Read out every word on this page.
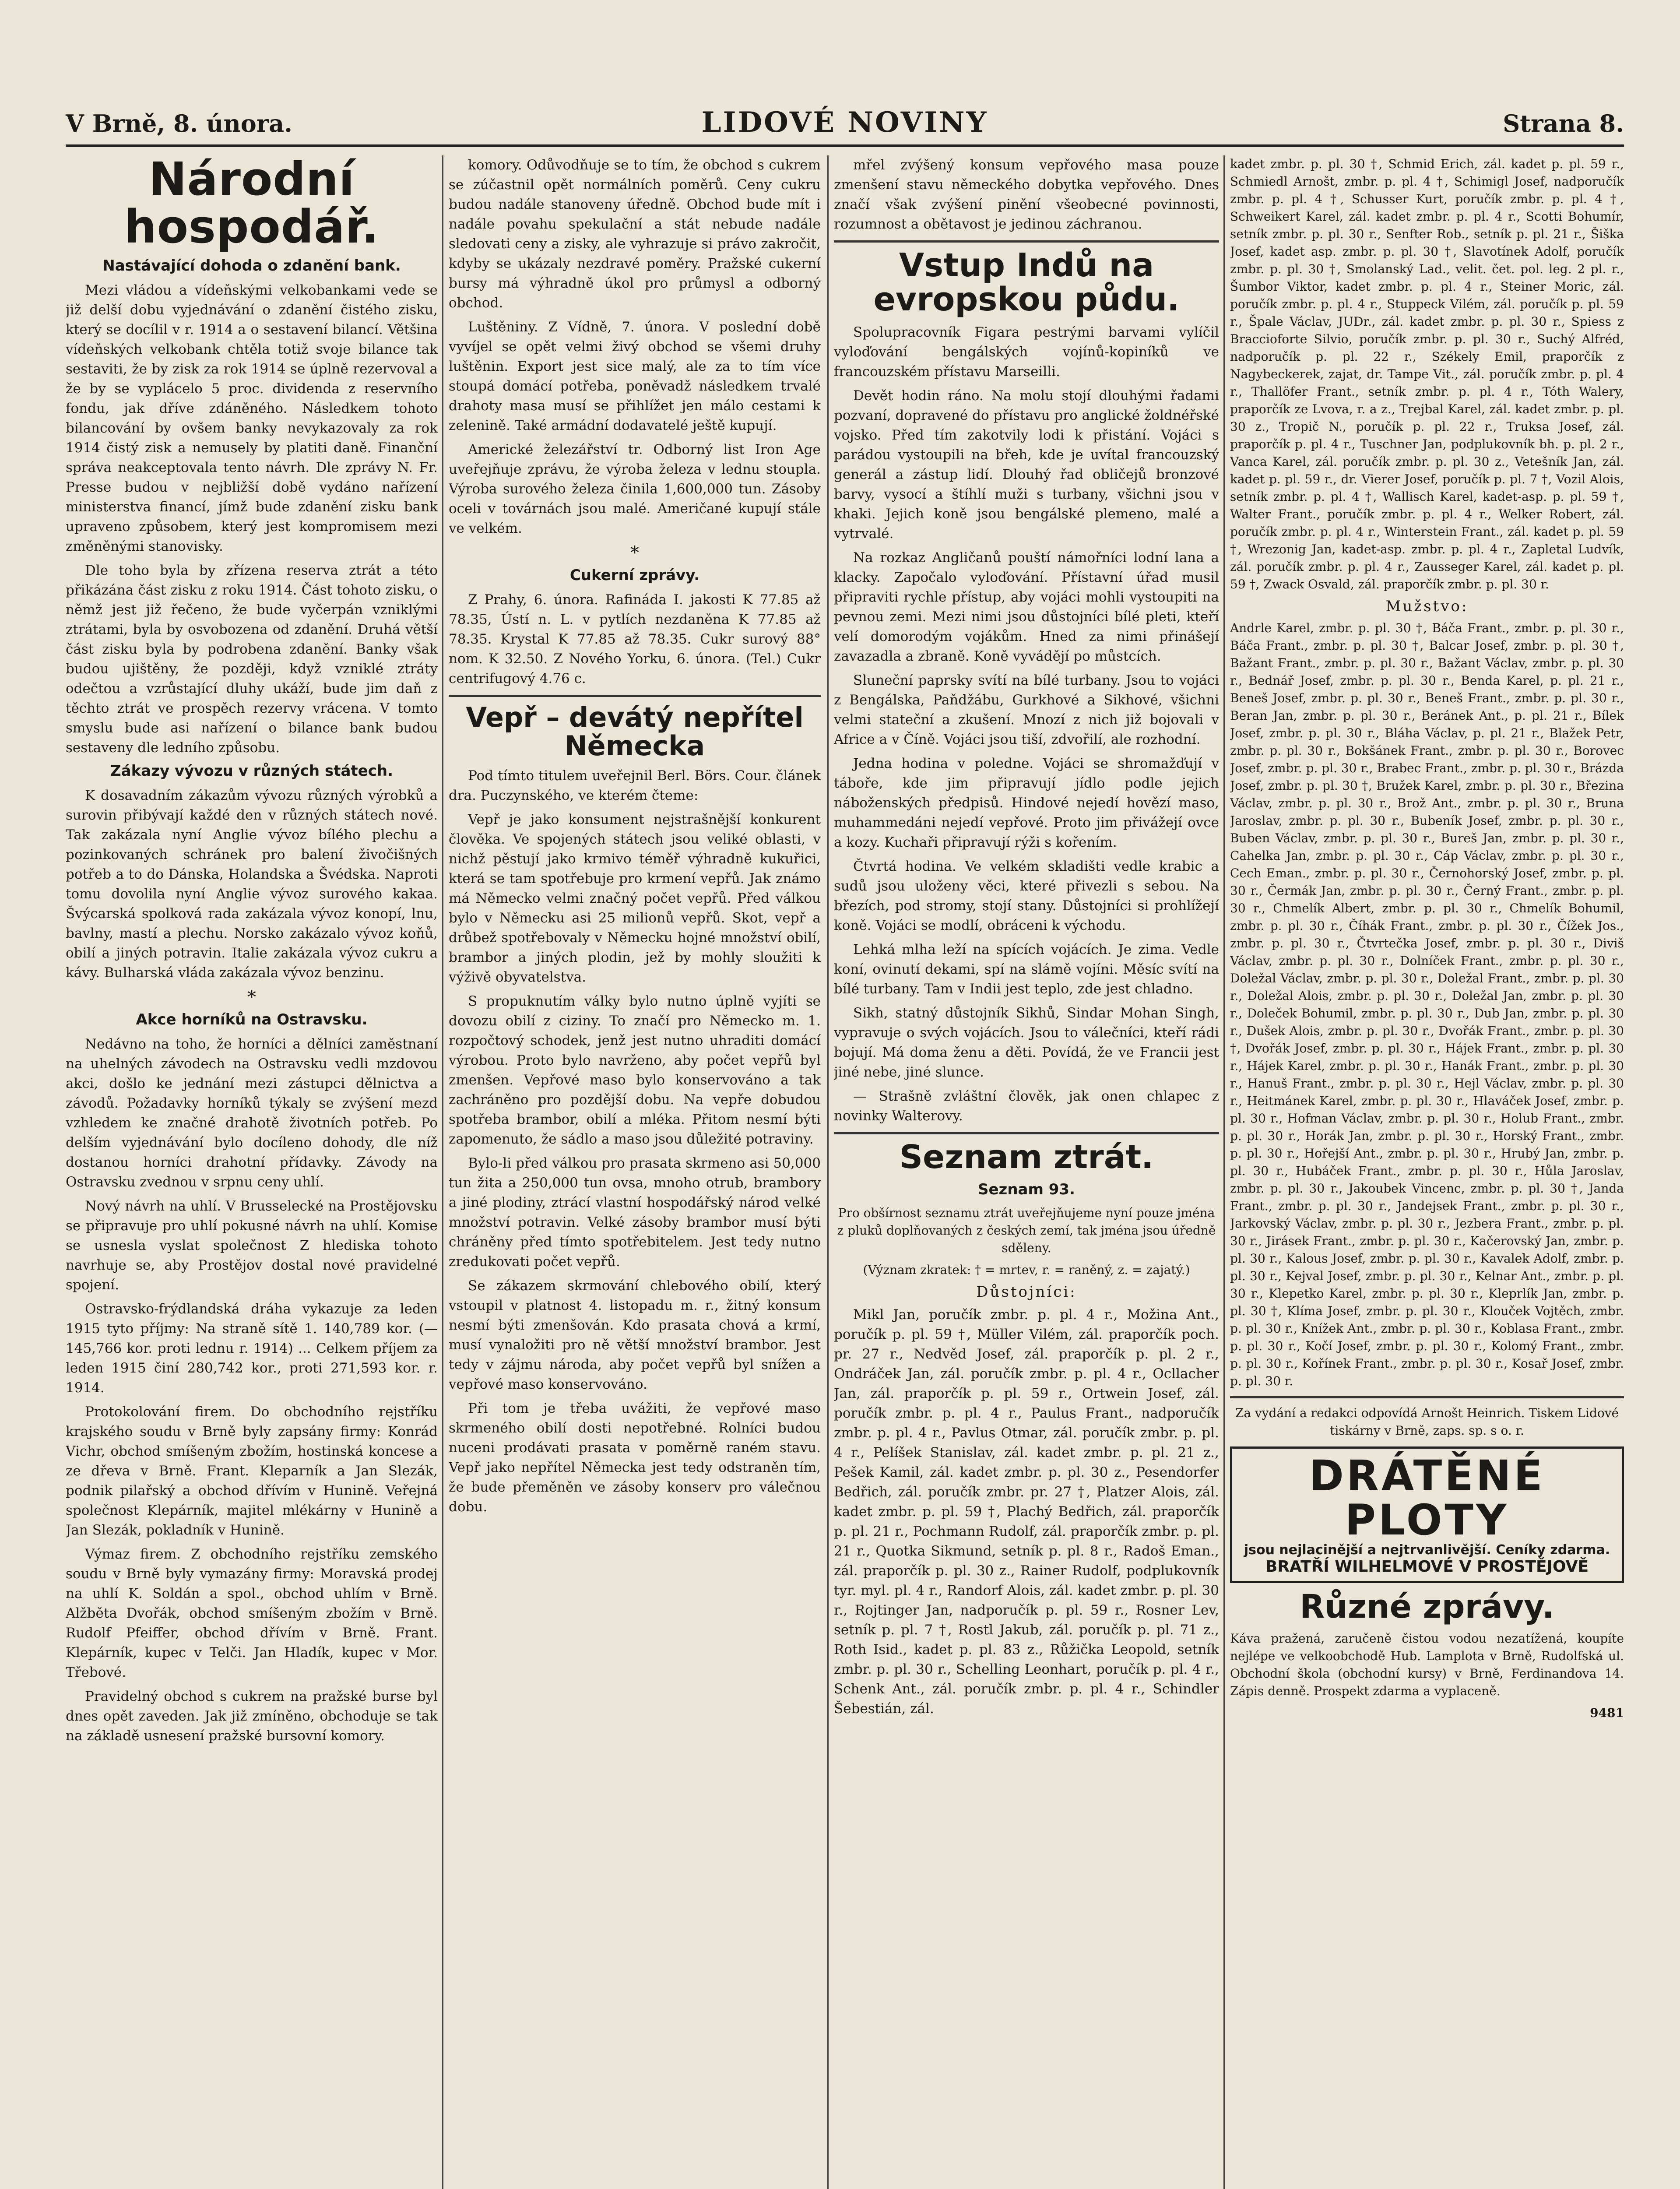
V Brně, 8. února.	LIDOVÉ NOVINY	Strana 8.
Národní hospodář.
Nastávající dohoda o zdanění bank.

Mezi vládou a vídeňskými velkobankami vede se již delší dobu vyjednávání o zdanění čistého zisku, který se docílil v r. 1914 a o sestavení bilancí. Většina vídeňských velkobank chtěla totiž svoje bilance tak sestaviti, že by zisk za rok 1914 se úplně rezervoval a že by se vyplácelo 5 proc. dividenda z reservního fondu, jak dříve zdáněného. Následkem tohoto bilancování by ovšem banky nevykazovaly za rok 1914 čistý zisk a nemusely by platiti daně. Finanční správa neakceptovala tento návrh. Dle zprávy N. Fr. Presse budou v nejbližší době vydáno nařízení ministerstva financí, jímž bude zdanění zisku bank upraveno způsobem, který jest kompromisem mezi změněnými stanovisky.

Dle toho byla by zřízena reserva ztrát a této přikázána část zisku z roku 1914. Část tohoto zisku, o němž jest již řečeno, že bude vyčerpán vzniklými ztrátami, byla by osvobozena od zdanění. Druhá větší část zisku byla by podrobena zdanění. Banky však budou ujištěny, že později, když vzniklé ztráty odečtou a vzrůstající dluhy ukáží, bude jim daň z těchto ztrát ve prospěch rezervy vrácena. V tomto smyslu bude asi nařízení o bilance bank budou sestaveny dle ledního způsobu.

Zákazy vývozu v různých státech.

K dosavadním zákazům vývozu různých výrobků a surovin přibývají každé den v různých státech nové. Tak zakázala nyní Anglie vývoz bílého plechu a pozinkovaných schránek pro balení živočišných potřeb a to do Dánska, Holandska a Švédska. Naproti tomu dovolila nyní Anglie vývoz surového kakaa. Švýcarská spolková rada zakázala vývoz konopí, lnu, bavlny, mastí a plechu. Norsko zakázalo vývoz koňů, obilí a jiných potravin. Italie zakázala vývoz cukru a kávy. Bulharská vláda zakázala vývoz benzinu.

*
Akce horníků na Ostravsku.

Nedávno na toho, že horníci a dělníci zaměstnaní na uhelných závodech na Ostravsku vedli mzdovou akci, došlo ke jednání mezi zástupci dělnictva a závodů. Požadavky horníků týkaly se zvýšení mezd vzhledem ke značné drahotě životních potřeb. Po delším vyjednávání bylo docíleno dohody, dle níž dostanou horníci drahotní přídavky. Závody na Ostravsku zvednou v srpnu ceny uhlí.

Nový návrh na uhlí. V Brusselecké na Prostějovsku se připravuje pro uhlí pokusné návrh na uhlí. Komise se usnesla vyslat společnost Z hlediska tohoto navrhuje se, aby Prostějov dostal nové pravidelné spojení.

Ostravsko-frýdlandská dráha vykazuje za leden 1915 tyto příjmy: Na straně sítě 1. 140,789 kor. (— 145,766 kor. proti lednu r. 1914) ... Celkem příjem za leden 1915 činí 280,742 kor., proti 271,593 kor. r. 1914.

Protokolování firem. Do obchodního rejstříku krajského soudu v Brně byly zapsány firmy: Konrád Vichr, obchod smíšeným zbožím, hostinská koncese a ze dřeva v Brně. Frant. Kleparník a Jan Slezák, podnik pilařský a obchod dřívím v Hunině. Veřejná společnost Klepárník, majitel mlékárny v Hunině a Jan Slezák, pokladník v Hunině.

Výmaz firem. Z obchodního rejstříku zemského soudu v Brně byly vymazány firmy: Moravská prodej na uhlí K. Soldán a spol., obchod uhlím v Brně. Alžběta Dvořák, obchod smíšeným zbožím v Brně. Rudolf Pfeiffer, obchod dřívím v Brně. Frant. Klepárník, kupec v Telči. Jan Hladík, kupec v Mor. Třebové.

Pravidelný obchod s cukrem na pražské burse byl dnes opět zaveden. Jak již zmíněno, obchoduje se tak na základě usnesení pražské bursovní komory.

komory. Odůvodňuje se to tím, že obchod s cukrem se zúčastnil opět normálních poměrů. Ceny cukru budou nadále stanoveny úředně. Obchod bude mít i nadále povahu spekulační a stát nebude nadále sledovati ceny a zisky, ale vyhrazuje si právo zakročit, kdyby se ukázaly nezdravé poměry. Pražské cukerní bursy má výhradně úkol pro průmysl a odborný obchod.

Luštěniny. Z Vídně, 7. února. V poslední době vyvíjel se opět velmi živý obchod se všemi druhy luštěnin. Export jest sice malý, ale za to tím více stoupá domácí potřeba, poněvadž následkem trvalé drahoty masa musí se přihlížet jen málo cestami k zelenině. Také armádní dodavatelé ještě kupují.

Americké železářství tr. Odborný list Iron Age uveřejňuje zprávu, že výroba železa v lednu stoupla. Výroba surového železa činila 1,600,000 tun. Zásoby oceli v továrnách jsou malé. Američané kupují stále ve velkém.

*
Cukerní zprávy.

Z Prahy, 6. února. Rafináda I. jakosti K 77.85 až 78.35, Ústí n. L. v pytlích nezdaněna K 77.85 až 78.35. Krystal K 77.85 až 78.35. Cukr surový 88° nom. K 32.50. Z Nového Yorku, 6. února. (Tel.) Cukr centrifugový 4.76 c.

Vepř – devátý nepřítel Německa

Pod tímto titulem uveřejnil Berl. Börs. Cour. článek dra. Puczynského, ve kterém čteme:

Vepř je jako konsument nejstrašnější konkurent člověka. Ve spojených státech jsou veliké oblasti, v nichž pěstují jako krmivo téměř výhradně kukuřici, která se tam spotřebuje pro krmení vepřů. Jak známo má Německo velmi značný počet vepřů. Před válkou bylo v Německu asi 25 milionů vepřů. Skot, vepř a drůbež spotřebovaly v Německu hojné množství obilí, brambor a jiných plodin, jež by mohly sloužiti k výživě obyvatelstva.

S propuknutím války bylo nutno úplně vyjíti se dovozu obilí z ciziny. To značí pro Německo m. 1. rozpočtový schodek, jenž jest nutno uhraditi domácí výrobou. Proto bylo navrženo, aby počet vepřů byl zmenšen. Vepřové maso bylo konservováno a tak zachráněno pro pozdější dobu. Na vepře dobudou spotřeba brambor, obilí a mléka. Přitom nesmí býti zapomenuto, že sádlo a maso jsou důležité potraviny.

Bylo-li před válkou pro prasata skrmeno asi 50,000 tun žita a 250,000 tun ovsa, mnoho otrub, brambory a jiné plodiny, ztrácí vlastní hospodářský národ velké množství potravin. Velké zásoby brambor musí býti chráněny před tímto spotřebitelem. Jest tedy nutno zredukovati počet vepřů.

Se zákazem skrmování chlebového obilí, který vstoupil v platnost 4. listopadu m. r., žitný konsum nesmí býti zmenšován. Kdo prasata chová a krmí, musí vynaložiti pro ně větší množství brambor. Jest tedy v zájmu národa, aby počet vepřů byl snížen a vepřové maso konservováno.

Při tom je třeba uvážiti, že vepřové maso skrmeného obilí dosti nepotřebné. Rolníci budou nuceni prodávati prasata v poměrně raném stavu. Vepř jako nepřítel Německa jest tedy odstraněn tím, že bude přeměněn ve zásoby konserv pro válečnou dobu.

mřel zvýšený konsum vepřového masa pouze zmenšení stavu německého dobytka vepřového. Dnes značí však zvýšení pinění všeobecné povinnosti, rozumnost a obětavost je jedinou záchranou.

Vstup Indů na evropskou půdu.

Spolupracovník Figara pestrými barvami vylíčil vyloďování bengálských vojínů-kopiníků ve francouzském přístavu Marseilli.

Devět hodin ráno. Na molu stojí dlouhými řadami pozvaní, dopravené do přístavu pro anglické žoldnéřské vojsko. Před tím zakotvily lodi k přistání. Vojáci s parádou vystoupili na břeh, kde je uvítal francouzský generál a zástup lidí. Dlouhý řad obličejů bronzové barvy, vysocí a štíhlí muži s turbany, všichni jsou v khaki. Jejich koně jsou bengálské plemeno, malé a vytrvalé.

Na rozkaz Angličanů pouští námořníci lodní lana a klacky. Započalo vyloďování. Přístavní úřad musil připraviti rychle přístup, aby vojáci mohli vystoupiti na pevnou zemi. Mezi nimi jsou důstojníci bílé pleti, kteří velí domorodým vojákům. Hned za nimi přinášejí zavazadla a zbraně. Koně vyvádějí po můstcích.

Sluneční paprsky svítí na bílé turbany. Jsou to vojáci z Bengálska, Paňdžábu, Gurkhové a Sikhové, všichni velmi stateční a zkušení. Mnozí z nich již bojovali v Africe a v Číně. Vojáci jsou tiší, zdvořilí, ale rozhodní.

Jedna hodina v poledne. Vojáci se shromažďují v táboře, kde jim připravují jídlo podle jejich náboženských předpisů. Hindové nejedí hovězí maso, muhammedáni nejedí vepřové. Proto jim přivážejí ovce a kozy. Kuchaři připravují rýži s kořením.

Čtvrtá hodina. Ve velkém skladišti vedle krabic a sudů jsou uloženy věci, které přivezli s sebou. Na březích, pod stromy, stojí stany. Důstojníci si prohlížejí koně. Vojáci se modlí, obráceni k východu.

Lehká mlha leží na spících vojácích. Je zima. Vedle koní, ovinutí dekami, spí na slámě vojíni. Měsíc svítí na bílé turbany. Tam v Indii jest teplo, zde jest chladno.

Sikh, statný důstojník Sikhů, Sindar Mohan Singh, vypravuje o svých vojácích. Jsou to válečníci, kteří rádi bojují. Má doma ženu a děti. Povídá, že ve Francii jest jiné nebe, jiné slunce.

— Strašně zvláštní člověk, jak onen chlapec z novinky Walterovy.

Seznam ztrát.
Seznam 93.

Pro obšírnost seznamu ztrát uveřejňujeme nyní pouze jména z pluků doplňovaných z českých zemí, tak jména jsou úředně sděleny.

(Význam zkratek: † = mrtev, r. = raněný, z. = zajatý.)

Důstojníci:

Mikl Jan, poručík zmbr. p. pl. 4 r., Možina Ant., poručík p. pl. 59 †, Müller Vilém, zál. praporčík poch. pr. 27 r., Nedvěd Josef, zál. praporčík p. pl. 2 r., Ondráček Jan, zál. poručík zmbr. p. pl. 4 r., Ocllacher Jan, zál. praporčík p. pl. 59 r., Ortwein Josef, zál. poručík zmbr. p. pl. 4 r., Paulus Frant., nadporučík zmbr. p. pl. 4 r., Pavlus Otmar, zál. poručík zmbr. p. pl. 4 r., Pelíšek Stanislav, zál. kadet zmbr. p. pl. 21 z., Pešek Kamil, zál. kadet zmbr. p. pl. 30 z., Pesendorfer Bedřich, zál. poručík zmbr. pr. 27 †, Platzer Alois, zál. kadet zmbr. p. pl. 59 †, Plachý Bedřich, zál. praporčík p. pl. 21 r., Pochmann Rudolf, zál. praporčík zmbr. p. pl. 21 r., Quotka Sikmund, setník p. pl. 8 r., Radoš Eman., zál. praporčík p. pl. 30 z., Rainer Rudolf, podplukovník tyr. myl. pl. 4 r., Randorf Alois, zál. kadet zmbr. p. pl. 30 r., Rojtinger Jan, nadporučík p. pl. 59 r., Rosner Lev, setník p. pl. 7 †, Rostl Jakub, zál. poručík p. pl. 71 z., Roth Isid., kadet p. pl. 83 z., Růžička Leopold, setník zmbr. p. pl. 30 r., Schelling Leonhart, poručík p. pl. 4 r., Schenk Ant., zál. poručík zmbr. p. pl. 4 r., Schindler Šebestián, zál.

kadet zmbr. p. pl. 30 †, Schmid Erich, zál. kadet p. pl. 59 r., Schmiedl Arnošt, zmbr. p. pl. 4 †, Schimigl Josef, nadporučík zmbr. p. pl. 4 †, Schusser Kurt, poručík zmbr. p. pl. 4 †, Schweikert Karel, zál. kadet zmbr. p. pl. 4 r., Scotti Bohumír, setník zmbr. p. pl. 30 r., Senfter Rob., setník p. pl. 21 r., Šiška Josef, kadet asp. zmbr. p. pl. 30 †, Slavotínek Adolf, poručík zmbr. p. pl. 30 †, Smolanský Lad., velit. čet. pol. leg. 2 pl. r., Šumbor Viktor, kadet zmbr. p. pl. 4 r., Steiner Moric, zál. poručík zmbr. p. pl. 4 r., Stuppeck Vilém, zál. poručík p. pl. 59 r., Špale Václav, JUDr., zál. kadet zmbr. p. pl. 30 r., Spiess z Braccioforte Silvio, poručík zmbr. p. pl. 30 r., Suchý Alfréd, nadporučík p. pl. 22 r., Székely Emil, praporčík z Nagybeckerek, zajat, dr. Tampe Vit., zál. poručík zmbr. p. pl. 4 r., Thallöfer Frant., setník zmbr. p. pl. 4 r., Tóth Walery, praporčík ze Lvova, r. a z., Trejbal Karel, zál. kadet zmbr. p. pl. 30 z., Tropič N., poručík p. pl. 22 r., Truksa Josef, zál. praporčík p. pl. 4 r., Tuschner Jan, podplukovník bh. p. pl. 2 r., Vanca Karel, zál. poručík zmbr. p. pl. 30 z., Vetešník Jan, zál. kadet p. pl. 59 r., dr. Vierer Josef, poručík p. pl. 7 †, Vozil Alois, setník zmbr. p. pl. 4 †, Wallisch Karel, kadet-asp. p. pl. 59 †, Walter Frant., poručík zmbr. p. pl. 4 r., Welker Robert, zál. poručík zmbr. p. pl. 4 r., Winterstein Frant., zál. kadet p. pl. 59 †, Wrezonig Jan, kadet-asp. zmbr. p. pl. 4 r., Zapletal Ludvík, zál. poručík zmbr. p. pl. 4 r., Zausseger Karel, zál. kadet p. pl. 59 †, Zwack Osvald, zál. praporčík zmbr. p. pl. 30 r.

Mužstvo:

Andrle Karel, zmbr. p. pl. 30 †, Báča Frant., zmbr. p. pl. 30 r., Báča Frant., zmbr. p. pl. 30 †, Balcar Josef, zmbr. p. pl. 30 †, Bažant Frant., zmbr. p. pl. 30 r., Bažant Václav, zmbr. p. pl. 30 r., Bednář Josef, zmbr. p. pl. 30 r., Benda Karel, p. pl. 21 r., Beneš Josef, zmbr. p. pl. 30 r., Beneš Frant., zmbr. p. pl. 30 r., Beran Jan, zmbr. p. pl. 30 r., Beránek Ant., p. pl. 21 r., Bílek Josef, zmbr. p. pl. 30 r., Bláha Václav, p. pl. 21 r., Blažek Petr, zmbr. p. pl. 30 r., Bokšánek Frant., zmbr. p. pl. 30 r., Borovec Josef, zmbr. p. pl. 30 r., Brabec Frant., zmbr. p. pl. 30 r., Brázda Josef, zmbr. p. pl. 30 †, Bružek Karel, zmbr. p. pl. 30 r., Březina Václav, zmbr. p. pl. 30 r., Brož Ant., zmbr. p. pl. 30 r., Bruna Jaroslav, zmbr. p. pl. 30 r., Bubeník Josef, zmbr. p. pl. 30 r., Buben Václav, zmbr. p. pl. 30 r., Bureš Jan, zmbr. p. pl. 30 r., Cahelka Jan, zmbr. p. pl. 30 r., Cáp Václav, zmbr. p. pl. 30 r., Cech Eman., zmbr. p. pl. 30 r., Černohorský Josef, zmbr. p. pl. 30 r., Čermák Jan, zmbr. p. pl. 30 r., Černý Frant., zmbr. p. pl. 30 r., Chmelík Albert, zmbr. p. pl. 30 r., Chmelík Bohumil, zmbr. p. pl. 30 r., Číhák Frant., zmbr. p. pl. 30 r., Čížek Jos., zmbr. p. pl. 30 r., Čtvrtečka Josef, zmbr. p. pl. 30 r., Diviš Václav, zmbr. p. pl. 30 r., Dolníček Frant., zmbr. p. pl. 30 r., Doležal Václav, zmbr. p. pl. 30 r., Doležal Frant., zmbr. p. pl. 30 r., Doležal Alois, zmbr. p. pl. 30 r., Doležal Jan, zmbr. p. pl. 30 r., Doleček Bohumil, zmbr. p. pl. 30 r., Dub Jan, zmbr. p. pl. 30 r., Dušek Alois, zmbr. p. pl. 30 r., Dvořák Frant., zmbr. p. pl. 30 †, Dvořák Josef, zmbr. p. pl. 30 r., Hájek Frant., zmbr. p. pl. 30 r., Hájek Karel, zmbr. p. pl. 30 r., Hanák Frant., zmbr. p. pl. 30 r., Hanuš Frant., zmbr. p. pl. 30 r., Hejl Václav, zmbr. p. pl. 30 r., Heitmánek Karel, zmbr. p. pl. 30 r., Hlaváček Josef, zmbr. p. pl. 30 r., Hofman Václav, zmbr. p. pl. 30 r., Holub Frant., zmbr. p. pl. 30 r., Horák Jan, zmbr. p. pl. 30 r., Horský Frant., zmbr. p. pl. 30 r., Hořejší Ant., zmbr. p. pl. 30 r., Hrubý Jan, zmbr. p. pl. 30 r., Hubáček Frant., zmbr. p. pl. 30 r., Hůla Jaroslav, zmbr. p. pl. 30 r., Jakoubek Vincenc, zmbr. p. pl. 30 †, Janda Frant., zmbr. p. pl. 30 r., Jandejsek Frant., zmbr. p. pl. 30 r., Jarkovský Václav, zmbr. p. pl. 30 r., Jezbera Frant., zmbr. p. pl. 30 r., Jirásek Frant., zmbr. p. pl. 30 r., Kačerovský Jan, zmbr. p. pl. 30 r., Kalous Josef, zmbr. p. pl. 30 r., Kavalek Adolf, zmbr. p. pl. 30 r., Kejval Josef, zmbr. p. pl. 30 r., Kelnar Ant., zmbr. p. pl. 30 r., Klepetko Karel, zmbr. p. pl. 30 r., Kleprlík Jan, zmbr. p. pl. 30 †, Klíma Josef, zmbr. p. pl. 30 r., Klouček Vojtěch, zmbr. p. pl. 30 r., Knížek Ant., zmbr. p. pl. 30 r., Koblasa Frant., zmbr. p. pl. 30 r., Kočí Josef, zmbr. p. pl. 30 r., Kolomý Frant., zmbr. p. pl. 30 r., Kořínek Frant., zmbr. p. pl. 30 r., Kosař Josef, zmbr. p. pl. 30 r.

Za vydání a redakci odpovídá Arnošt Heinrich. Tiskem Lidové tiskárny v Brně, zaps. sp. s o. r.

DRÁTĚNÉ PLOTY
jsou nejlacinější a nejtrvanlivější. Ceníky zdarma.
BRATŘÍ WILHELMOVÉ V PROSTĚJOVĚ
Různé zprávy.

Káva pražená, zaručeně čistou vodou nezatížená, koupíte nejlépe ve velkoobchodě Hub. Lamplota v Brně, Rudolfská ul. Obchodní škola (obchodní kursy) v Brně, Ferdinandova 14. Zápis denně. Prospekt zdarma a vyplaceně.

9481
